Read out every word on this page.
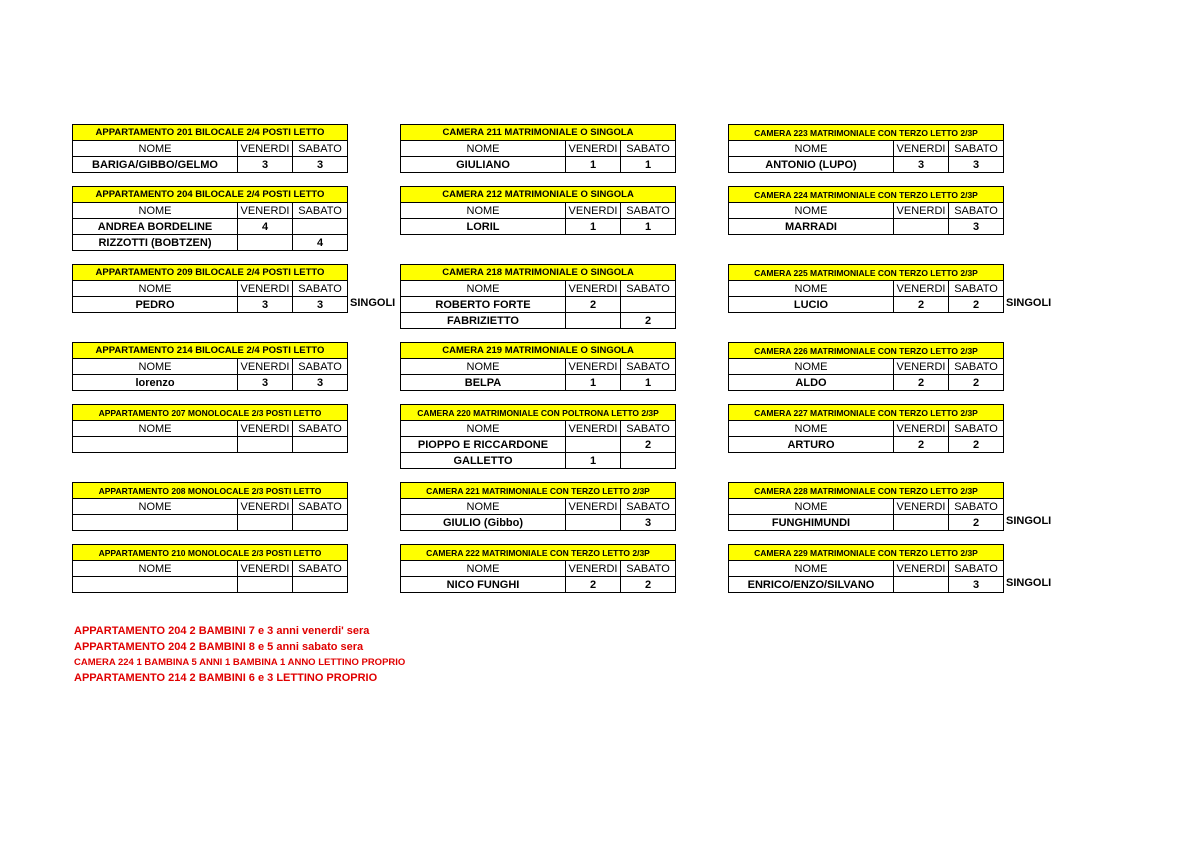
APPARTAMENTO 201 BILOCALE 2/4 POSTI LETTO		
NOME	VENERDI	SABATO
BARIGA/GIBBO/GELMO	3	3
APPARTAMENTO 204 BILOCALE 2/4 POSTI LETTO		
NOME	VENERDI	SABATO
ANDREA BORDELINE	4	
RIZZOTTI (BOBTZEN)		4
APPARTAMENTO 209 BILOCALE 2/4 POSTI LETTO		
NOME	VENERDI	SABATO
PEDRO	3	3 SINGOLI
APPARTAMENTO 214 BILOCALE 2/4 POSTI LETTO		
NOME	VENERDI	SABATO
lorenzo	3	3
APPARTAMENTO 207 MONOLOCALE 2/3 POSTI LETTO		
NOME	VENERDI	SABATO

APPARTAMENTO 208 MONOLOCALE 2/3 POSTI LETTO		
NOME	VENERDI	SABATO

APPARTAMENTO 210 MONOLOCALE 2/3 POSTI LETTO		
NOME	VENERDI	SABATO

CAMERA 211 MATRIMONIALE O SINGOLA		
NOME	VENERDI	SABATO
GIULIANO	1	1
CAMERA 212 MATRIMONIALE O SINGOLA		
NOME	VENERDI	SABATO
LORIL	1	1
CAMERA 218 MATRIMONIALE O SINGOLA		
NOME	VENERDI	SABATO
ROBERTO FORTE	2	
FABRIZIETTO		2
CAMERA 219 MATRIMONIALE O SINGOLA		
NOME	VENERDI	SABATO
BELPA	1	1
CAMERA 220 MATRIMONIALE CON POLTRONA LETTO 2/3P		
NOME	VENERDI	SABATO
PIOPPO E RICCARDONE		2
GALLETTO	1	
CAMERA 221 MATRIMONIALE CON TERZO LETTO 2/3P		
NOME	VENERDI	SABATO
GIULIO (Gibbo)		3
CAMERA 222 MATRIMONIALE CON TERZO LETTO 2/3P		
NOME	VENERDI	SABATO
NICO FUNGHI	2	2
CAMERA 223 MATRIMONIALE CON TERZO LETTO 2/3P		
NOME	VENERDI	SABATO
ANTONIO (LUPO)	3	3
CAMERA 224 MATRIMONIALE CON TERZO LETTO 2/3P		
NOME	VENERDI	SABATO
MARRADI		3
CAMERA 225 MATRIMONIALE CON TERZO LETTO 2/3P		
NOME	VENERDI	SABATO
LUCIO	2	2 SINGOLI
CAMERA 226 MATRIMONIALE CON TERZO LETTO 2/3P		
NOME	VENERDI	SABATO
ALDO	2	2
CAMERA 227 MATRIMONIALE CON TERZO LETTO 2/3P		
NOME	VENERDI	SABATO
ARTURO	2	2
CAMERA 228 MATRIMONIALE CON TERZO LETTO 2/3P		
NOME	VENERDI	SABATO
FUNGHIMUNDI		2 SINGOLI
CAMERA 229 MATRIMONIALE CON TERZO LETTO 2/3P		
NOME	VENERDI	SABATO
ENRICO/ENZO/SILVANO		3 SINGOLI
APPARTAMENTO 204 2 BAMBINI 7 e 3 anni venerdi' sera
APPARTAMENTO 204 2 BAMBINI 8 e 5 anni sabato sera
CAMERA 224 1 BAMBINA 5 ANNI 1 BAMBINA 1 ANNO LETTINO PROPRIO
APPARTAMENTO 214 2 BAMBINI 6 e 3 LETTINO PROPRIO
